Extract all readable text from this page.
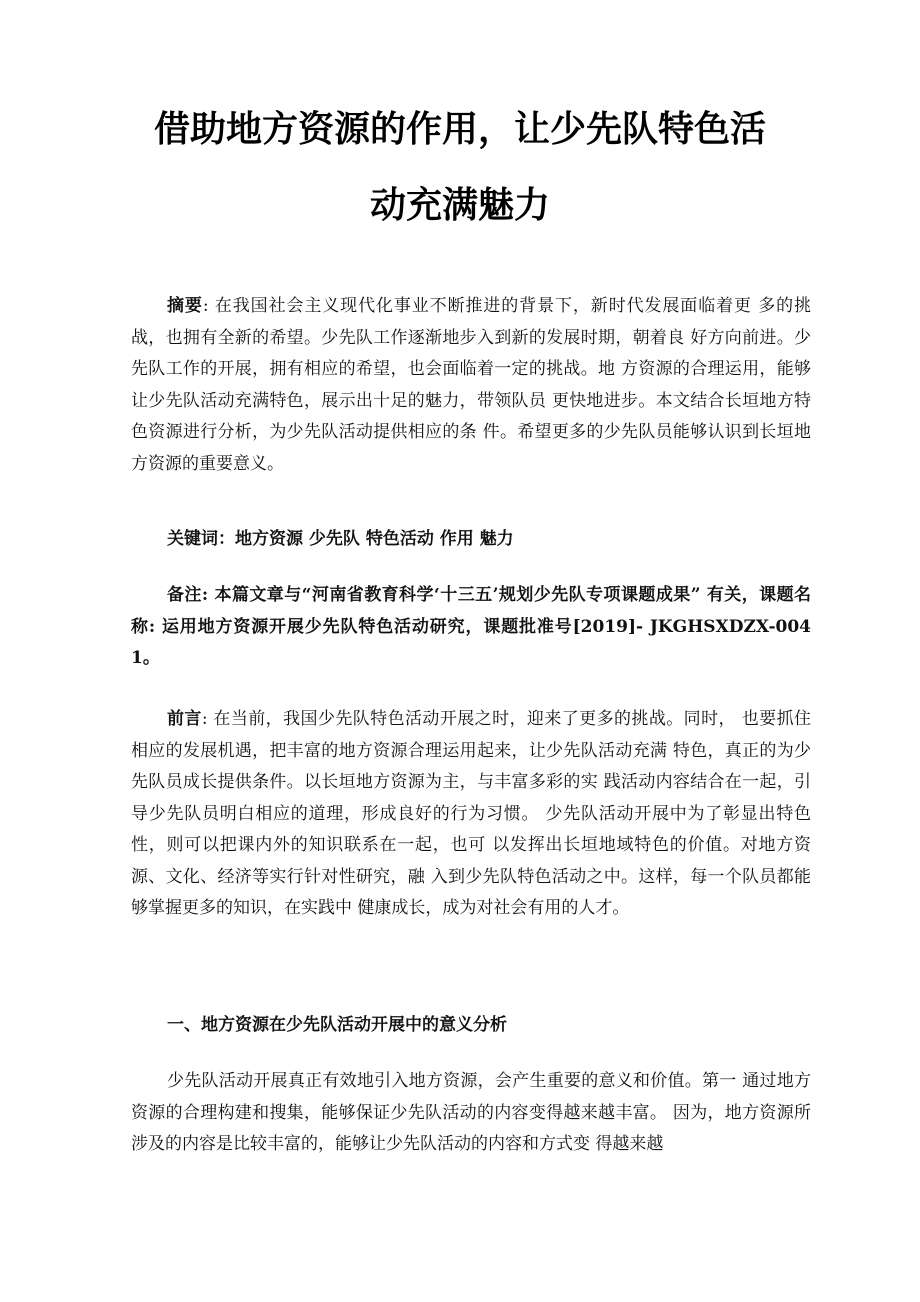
借助地方资源的作用，让少先队特色活
动充满魅力

摘要: 在我国社会主义现代化事业不断推进的背景下，新时代发展面临着更 多的挑战，也拥有全新的希望。少先队工作逐渐地步入到新的发展时期，朝着良 好方向前进。少先队工作的开展，拥有相应的希望，也会面临着一定的挑战。地 方资源的合理运用，能够让少先队活动充满特色，展示出十足的魅力，带领队员 更快地进步。本文结合长垣地方特色资源进行分析，为少先队活动提供相应的条 件。希望更多的少先队员能够认识到长垣地方资源的重要意义。

关键词：地方资源 少先队 特色活动 作用 魅力

备注: 本篇文章与“河南省教育科学‘十三五’规划少先队专项课题成果” 有关，课题名称: 运用地方资源开展少先队特色活动研究，课题批准号[2019]- JKGHSXDZX-0041。

前言: 在当前，我国少先队特色活动开展之时，迎来了更多的挑战。同时， 也要抓住相应的发展机遇，把丰富的地方资源合理运用起来，让少先队活动充满 特色，真正的为少先队员成长提供条件。以长垣地方资源为主，与丰富多彩的实 践活动内容结合在一起，引导少先队员明白相应的道理，形成良好的行为习惯。 少先队活动开展中为了彰显出特色性，则可以把课内外的知识联系在一起，也可 以发挥出长垣地域特色的价值。对地方资源、文化、经济等实行针对性研究，融 入到少先队特色活动之中。这样，每一个队员都能够掌握更多的知识，在实践中 健康成长，成为对社会有用的人才。

一、地方资源在少先队活动开展中的意义分析

少先队活动开展真正有效地引入地方资源，会产生重要的意义和价值。第一 通过地方资源的合理构建和搜集，能够保证少先队活动的内容变得越来越丰富。 因为，地方资源所涉及的内容是比较丰富的，能够让少先队活动的内容和方式变 得越来越
